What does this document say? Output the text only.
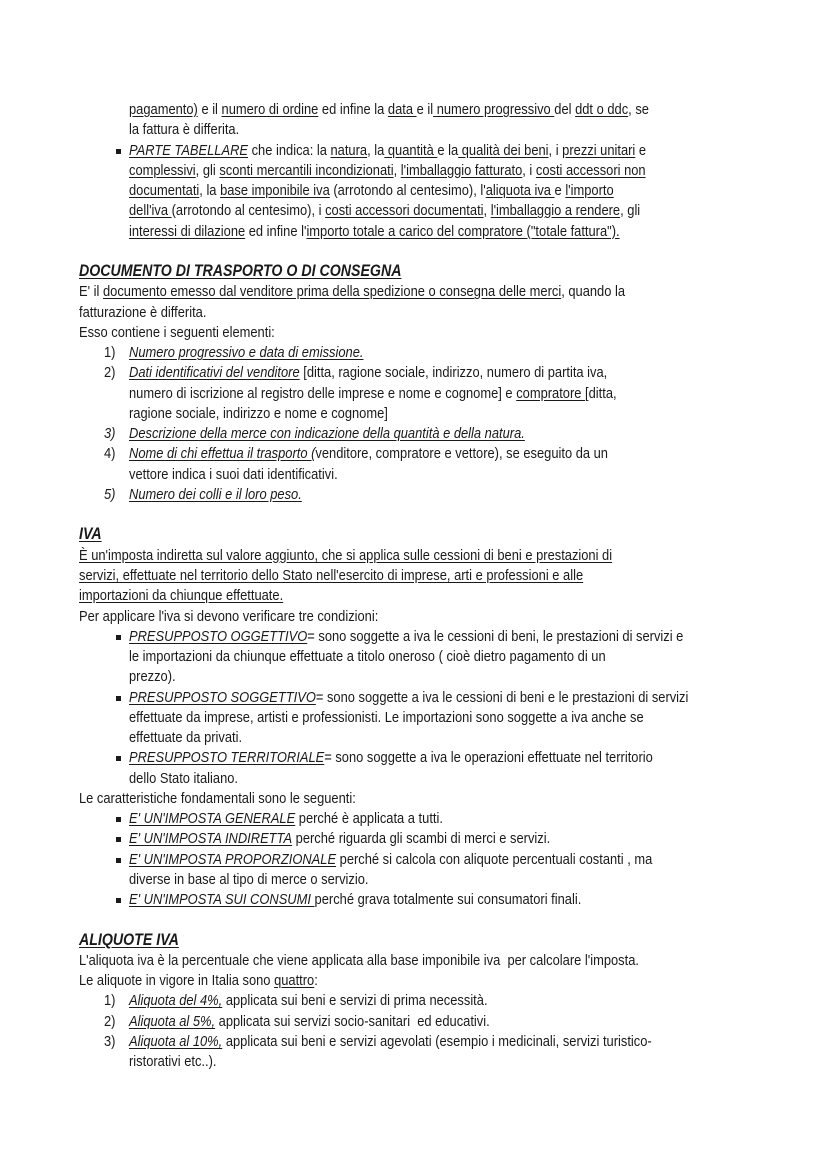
pagamento) e il numero di ordine ed infine la data e il numero progressivo del ddt o ddc, se
la fattura è differita.
PARTE TABELLARE che indica: la natura, la quantità e la qualità dei beni, i prezzi unitari e
complessivi, gli sconti mercantili incondizionati, l'imballaggio fatturato, i costi accessori non
documentati, la base imponibile iva (arrotondo al centesimo), l'aliquota iva e l'importo
dell'iva (arrotondo al centesimo), i costi accessori documentati, l'imballaggio a rendere, gli
interessi di dilazione ed infine l'importo totale a carico del compratore ("totale fattura").
DOCUMENTO DI TRASPORTO O DI CONSEGNA
E' il documento emesso dal venditore prima della spedizione o consegna delle merci, quando la
fatturazione è differita.
Esso contiene i seguenti elementi:
1) Numero progressivo e data di emissione.
2) Dati identificativi del venditore [ditta, ragione sociale, indirizzo, numero di partita iva,
numero di iscrizione al registro delle imprese e nome e cognome] e compratore [ditta,
ragione sociale, indirizzo e nome e cognome]
3) Descrizione della merce con indicazione della quantità e della natura.
4) Nome di chi effettua il trasporto (venditore, compratore e vettore), se eseguito da un
vettore indica i suoi dati identificativi.
5) Numero dei colli e il loro peso.
IVA
È un'imposta indiretta sul valore aggiunto, che si applica sulle cessioni di beni e prestazioni di
servizi, effettuate nel territorio dello Stato nell'esercito di imprese, arti e professioni e alle
importazioni da chiunque effettuate.
Per applicare l'iva si devono verificare tre condizioni:
PRESUPPOSTO OGGETTIVO= sono soggette a iva le cessioni di beni, le prestazioni di servizi e
le importazioni da chiunque effettuate a titolo oneroso ( cioè dietro pagamento di un
prezzo).
PRESUPPOSTO SOGGETTIVO= sono soggette a iva le cessioni di beni e le prestazioni di servizi
effettuate da imprese, artisti e professionisti. Le importazioni sono soggette a iva anche se
effettuate da privati.
PRESUPPOSTO TERRITORIALE= sono soggette a iva le operazioni effettuate nel territorio
dello Stato italiano.
Le caratteristiche fondamentali sono le seguenti:
E' UN'IMPOSTA GENERALE perché è applicata a tutti.
E' UN'IMPOSTA INDIRETTA perché riguarda gli scambi di merci e servizi.
E' UN'IMPOSTA PROPORZIONALE perché si calcola con aliquote percentuali costanti , ma
diverse in base al tipo di merce o servizio.
E' UN'IMPOSTA SUI CONSUMI perché grava totalmente sui consumatori finali.
ALIQUOTE IVA
L'aliquota iva è la percentuale che viene applicata alla base imponibile iva  per calcolare l'imposta.
Le aliquote in vigore in Italia sono quattro:
1) Aliquota del 4%, applicata sui beni e servizi di prima necessità.
2) Aliquota al 5%, applicata sui servizi socio-sanitari  ed educativi.
3) Aliquota al 10%, applicata sui beni e servizi agevolati (esempio i medicinali, servizi turistico-
ristorativi etc..).
